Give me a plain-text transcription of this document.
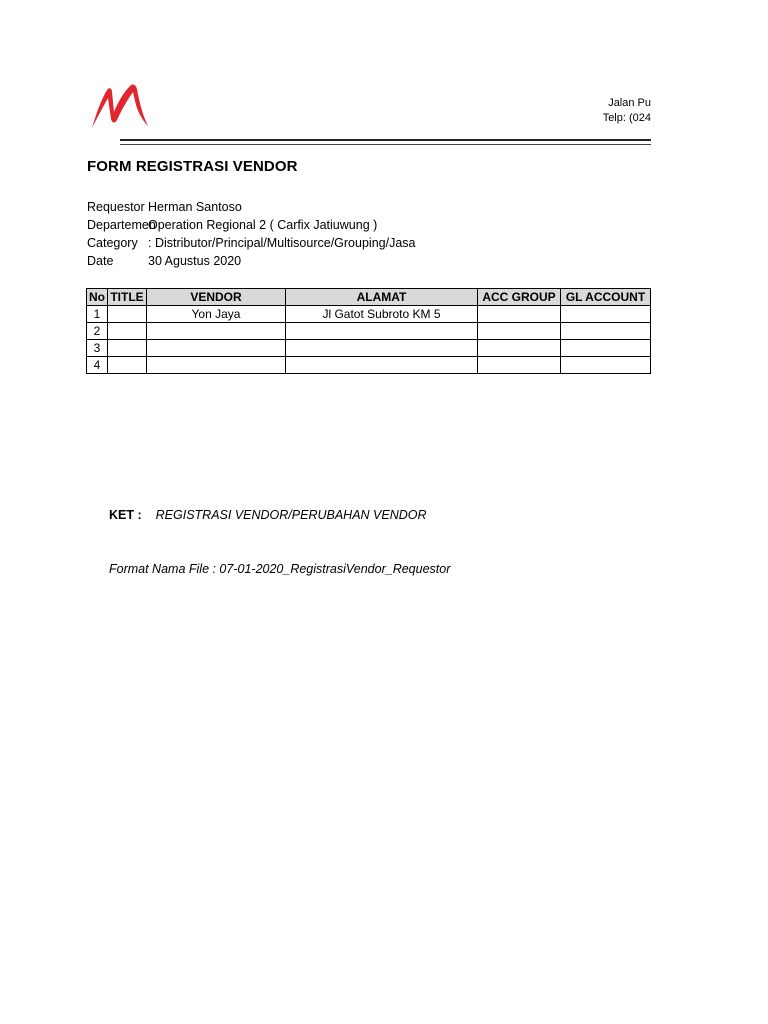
Jalan Pu
Telp: (024
FORM REGISTRASI VENDOR
Requestor Herman Santoso
DepartemenOperation Regional 2 ( Carfix Jatiuwung )
Category : Distributor/Principal/Multisource/Grouping/Jasa
Date	30 Agustus 2020
No	TITLE	VENDOR	ALAMAT	ACC GROUP	GL ACCOUNT
1		Yon Jaya	Jl Gatot Subroto KM 5		
2					
3					
4					
KET : REGISTRASI VENDOR/PERUBAHAN VENDOR
Format Nama File : 07-01-2020_RegistrasiVendor_Requestor
